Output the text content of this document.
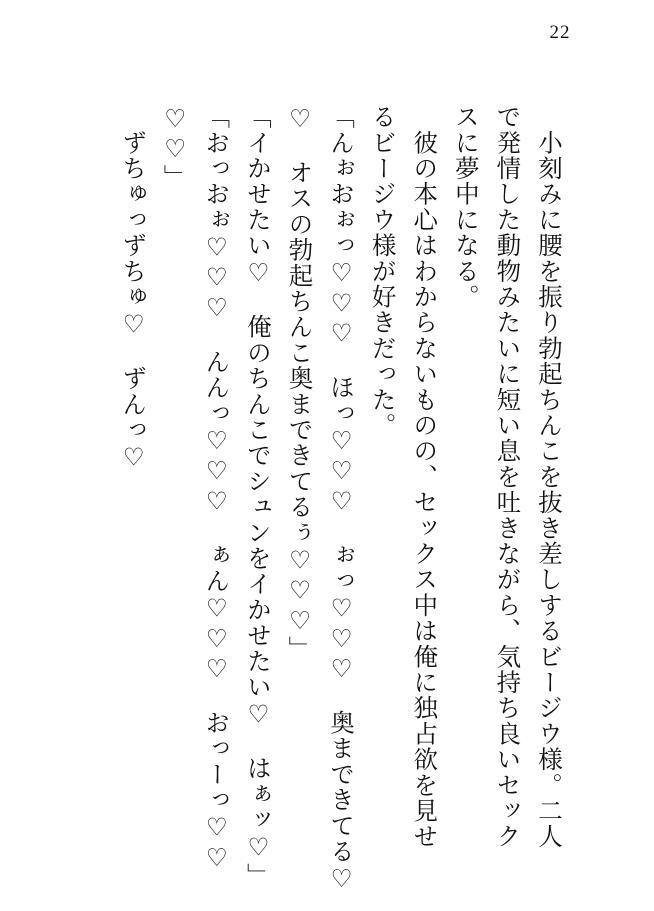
22
　小刻みに腰を振り勃起ちんこを抜き差しするビージウ様。二人
で発情した動物みたいに短い息を吐きながら、気持ち良いセック
スに夢中になる。
　彼の本心はわからないものの、セックス中は俺に独占欲を見せ
るビージウ様が好きだった。
「んぉおぉっ♡♡♡　ほっ♡♡♡　ぉっ♡♡♡　奥まできてる♡
♡　オスの勃起ちんこ奥まできてるぅ♡♡♡」
「イかせたい♡　俺のちんこでシュンをイかせたい♡　はぁッ♡」
「おっおぉ♡♡♡　んんっ♡♡♡　ぁん♡♡♡　おっーっ♡♡
♡♡」
　ずちゅっずちゅ♡　ずんっ♡
